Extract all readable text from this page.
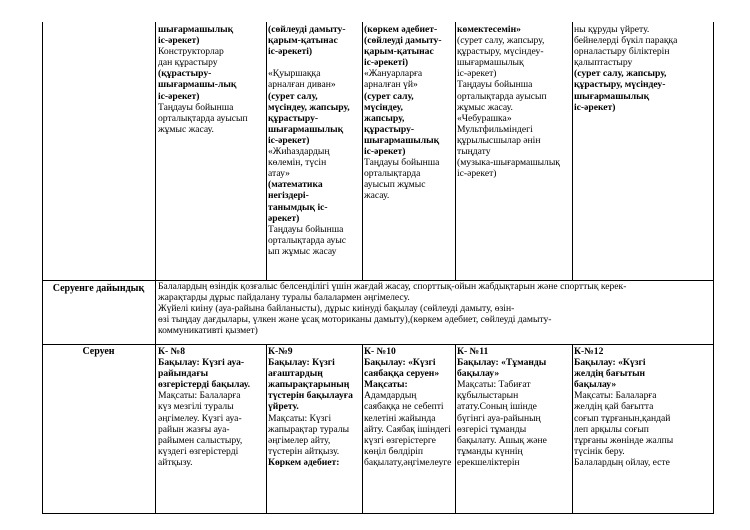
шығармашылық
іс-әрекет)
Конструкторлар
дан құрастыру
(құрастыру-
шығармашы-лық
іс-әрекет)
Таңдауы бойынша
орталықтарда ауысып
жұмыс жасау.
(сөйлеуді дамыту-
қарым-қатынас
іс-әрекеті)
«Қуыршаққа
арналған диван»
(сурет салу,
мүсіндеу, жапсыру,
құрастыру-
шығармашылық
іс-әрекет)
«Жиһаздардың
көлемін, түсін
атау»
(математика
негіздері-
танымдық іс-
әрекет)
Таңдауы бойынша
орталықтарда ауыс
ып жұмыс жасау
(көркем әдебиет-
(сөйлеуді дамыту-
қарым-қатынас
іс-әрекеті)
«Жануарларға
арналған үй»
(сурет салу,
мүсіндеу,
жапсыру,
құрастыру-
шығармашылық
іс-әрекет)
Таңдауы бойынша
орталықтарда
ауысып жұмыс
жасау.
көмектесемін»
(сурет салу, жапсыру,
құрастыру, мүсіндеу-
шығармашылық
іс-әрекет)
Таңдауы бойынша
орталықтарда ауысып
жұмыс жасау.
«Чебурашка»
Мультфильміндегі
құрылысшылар әнін
тыңдату
(музыка-шығармашылық
іс-әрекет)
ны құруды үйрету.
бейнелерді бүкіл параққа
орналастыру біліктерін
қалыптастыру
(сурет салу, жапсыру,
құрастыру, мүсіндеу-
шығармашылық
іс-әрекет)
Серуенге дайындық	Балалардың өзіндік қозғалыс белсенділігі үшін жағдай жасау, спорттық-ойын жабдықтарын және спорттық керек-
жарақтарды дұрыс пайдалану туралы балалармен әңгімелесу.
Жүйелі киіну (ауа-райына байланысты), дұрыс киінуді бақылау (сөйлеуді дамыту, өзін-
өзі тыңдау дағдылары, үлкен және ұсақ моториканы дамыту),(көркем әдебиет, сөйлеуді дамыту-
коммуникативті қызмет)
Серуен	К- №8
Бақылау: Күзгі ауа-
райындағы
өзгерістерді бақылау.
Мақсаты: Балаларға
күз мезгілі туралы
әңгімелеу. Күзгі ауа-
райын жазғы ауа-
райымен салыстыру,
күздегі өзгерістерді
айтқызу.
К-№9
Бақылау: Күзгі
ағаштардың
жапырақтарының
түстерін бақылауға
үйрету.
Мақсаты: Күзгі
жапырақтар туралы
әңгімелер айту,
түстерін айтқызу.
Көркем әдебиет:
К- №10
Бақылау: «Күзгі
саябаққа серуен»
Мақсаты:
Адамдардың
саябаққа не себепті
келетіні жайында
айту. Саябақ ішіндегі
күзгі өзгерістерге
көңіл бөлдіріп
бақылату,әңгімелеуге
К- №11
Бақылау: «Тұманды
бақылау»
Мақсаты: Табиғат
құбылыстарын
атату.Соның ішінде
бүгінгі ауа-райының
өзгерісі тұманды
бақылату. Ашық және
тұманды күннің
ерекшеліктерін
К-№12
Бақылау: «Күзгі
желдің бағытын
бақылау»
Мақсаты: Балаларға
желдің қай бағытта
соғып тұрғанын,қандай
леп арқылы соғып
тұрғаны жөнінде жалпы
түсінік беру.
Балалардың ойлау, есте
